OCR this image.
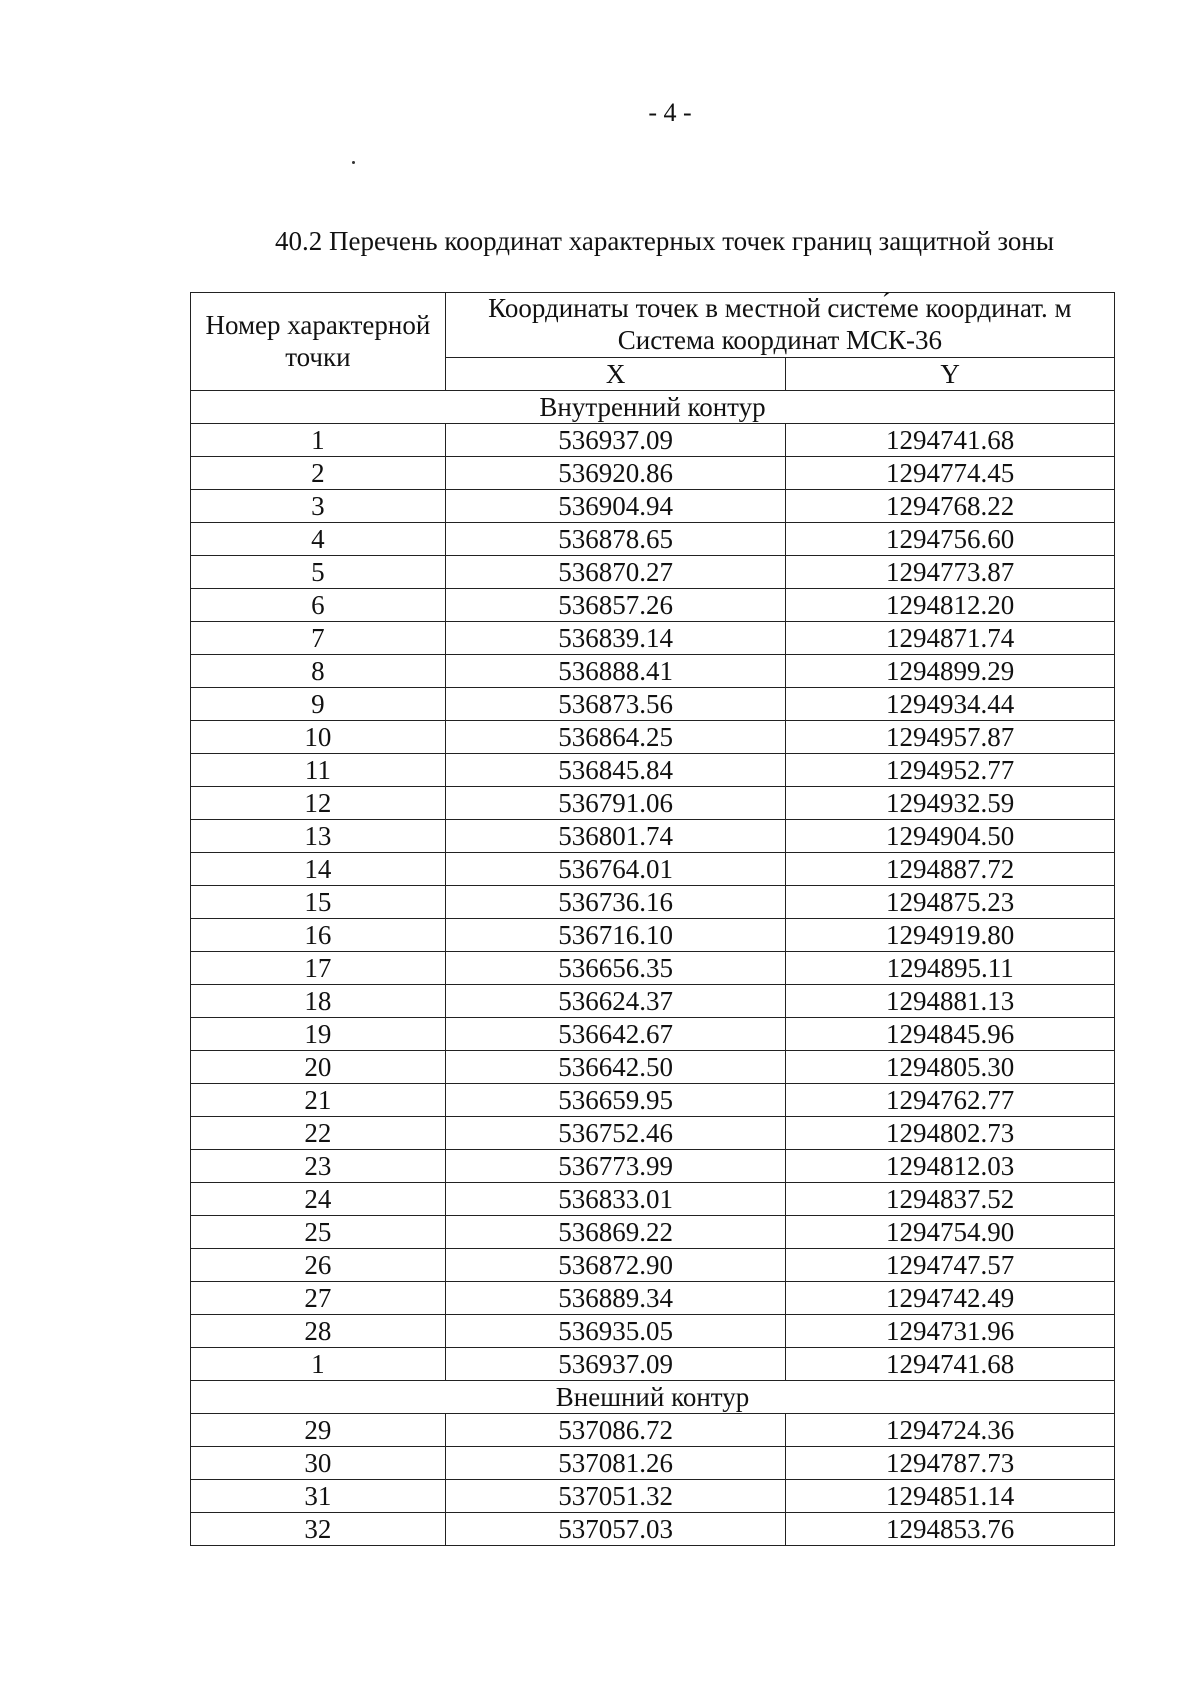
- 4 -
40.2 Перечень координат характерных точек границ защитной зоны
Номер характерной точки	Координаты точек в местной систе́ме координат. м
Система координат МСК-36	

	X	Y
Внутренний контур		
1	536937.09	1294741.68
2	536920.86	1294774.45
3	536904.94	1294768.22
4	536878.65	1294756.60
5	536870.27	1294773.87
6	536857.26	1294812.20
7	536839.14	1294871.74
8	536888.41	1294899.29
9	536873.56	1294934.44
10	536864.25	1294957.87
11	536845.84	1294952.77
12	536791.06	1294932.59
13	536801.74	1294904.50
14	536764.01	1294887.72
15	536736.16	1294875.23
16	536716.10	1294919.80
17	536656.35	1294895.11
18	536624.37	1294881.13
19	536642.67	1294845.96
20	536642.50	1294805.30
21	536659.95	1294762.77
22	536752.46	1294802.73
23	536773.99	1294812.03
24	536833.01	1294837.52
25	536869.22	1294754.90
26	536872.90	1294747.57
27	536889.34	1294742.49
28	536935.05	1294731.96
1	536937.09	1294741.68
Внешний контур		
29	537086.72	1294724.36
30	537081.26	1294787.73
31	537051.32	1294851.14
32	537057.03	1294853.76
